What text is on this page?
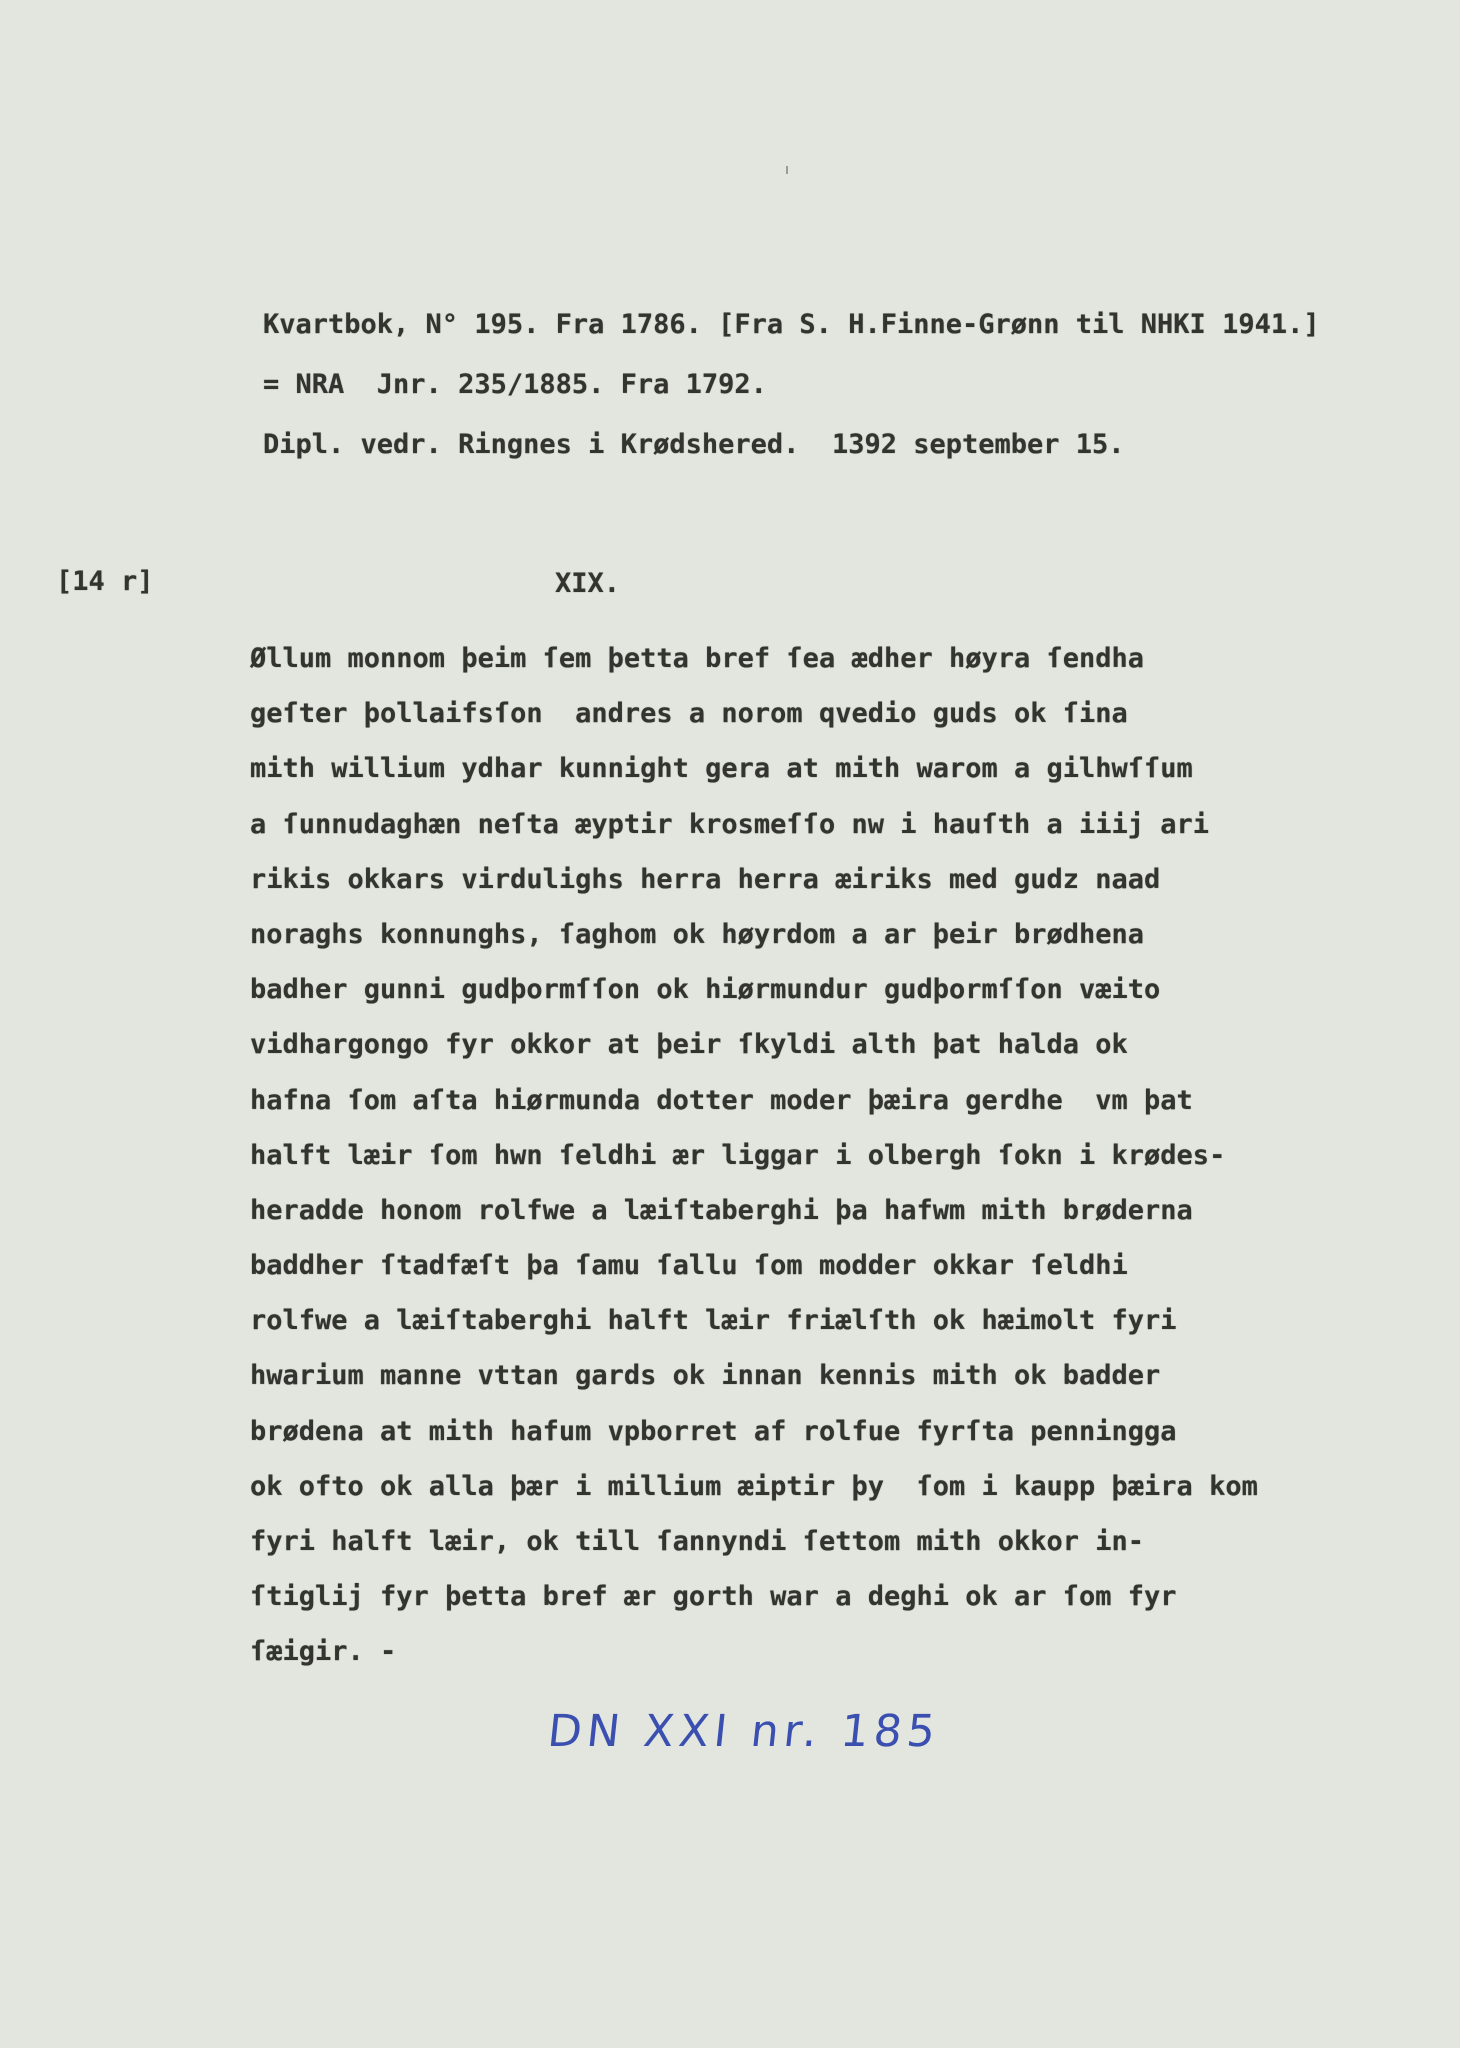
Kvartbok, N° 195. Fra 1786. [Fra S. H.Finne-Grønn til NHKI 1941.]
= NRA  Jnr. 235/1885. Fra 1792.
Dipl. vedr. Ringnes i Krødshered.  1392 september 15.
[14 r]	XIX.
Øllum monnom þeim ſem þetta bref ſea ædher høyra ſendha
geſter þollaifsſon  andres a norom qvedio guds ok ſina
mith willium ydhar kunnight gera at mith warom a gilhwſſum
a ſunnudaghæn neſta æyptir krosmeſſo nw i hauſth a iiij ari
rikis okkars virdulighs herra herra æiriks med gudz naad
noraghs konnunghs, ſaghom ok høyrdom a ar þeir brødhena
badher gunni gudþormſſon ok hiørmundur gudþormſſon væito
vidhargongo fyr okkor at þeir ſkyldi alth þat halda ok
hafna ſom aſta hiørmunda dotter moder þæira gerdhe  vm þat
halft læir ſom hwn ſeldhi ær liggar i olbergh ſokn i krødes-
heradde honom rolfwe a læiſtaberghi þa hafwm mith brøderna
baddher ſtadfæſt þa ſamu ſallu ſom modder okkar ſeldhi
rolfwe a læiſtaberghi halft læir friælſth ok hæimolt fyri
hwarium manne vttan gards ok innan kennis mith ok badder
brødena at mith hafum vpborret af rolfue fyrſta penningga
ok ofto ok alla þær i millium æiptir þy  ſom i kaupp þæira kom
fyri halft læir, ok till ſannyndi ſettom mith okkor in-
ſtiglij fyr þetta bref ær gorth war a deghi ok ar ſom fyr
ſæigir. -
DN XXI nr. 185
